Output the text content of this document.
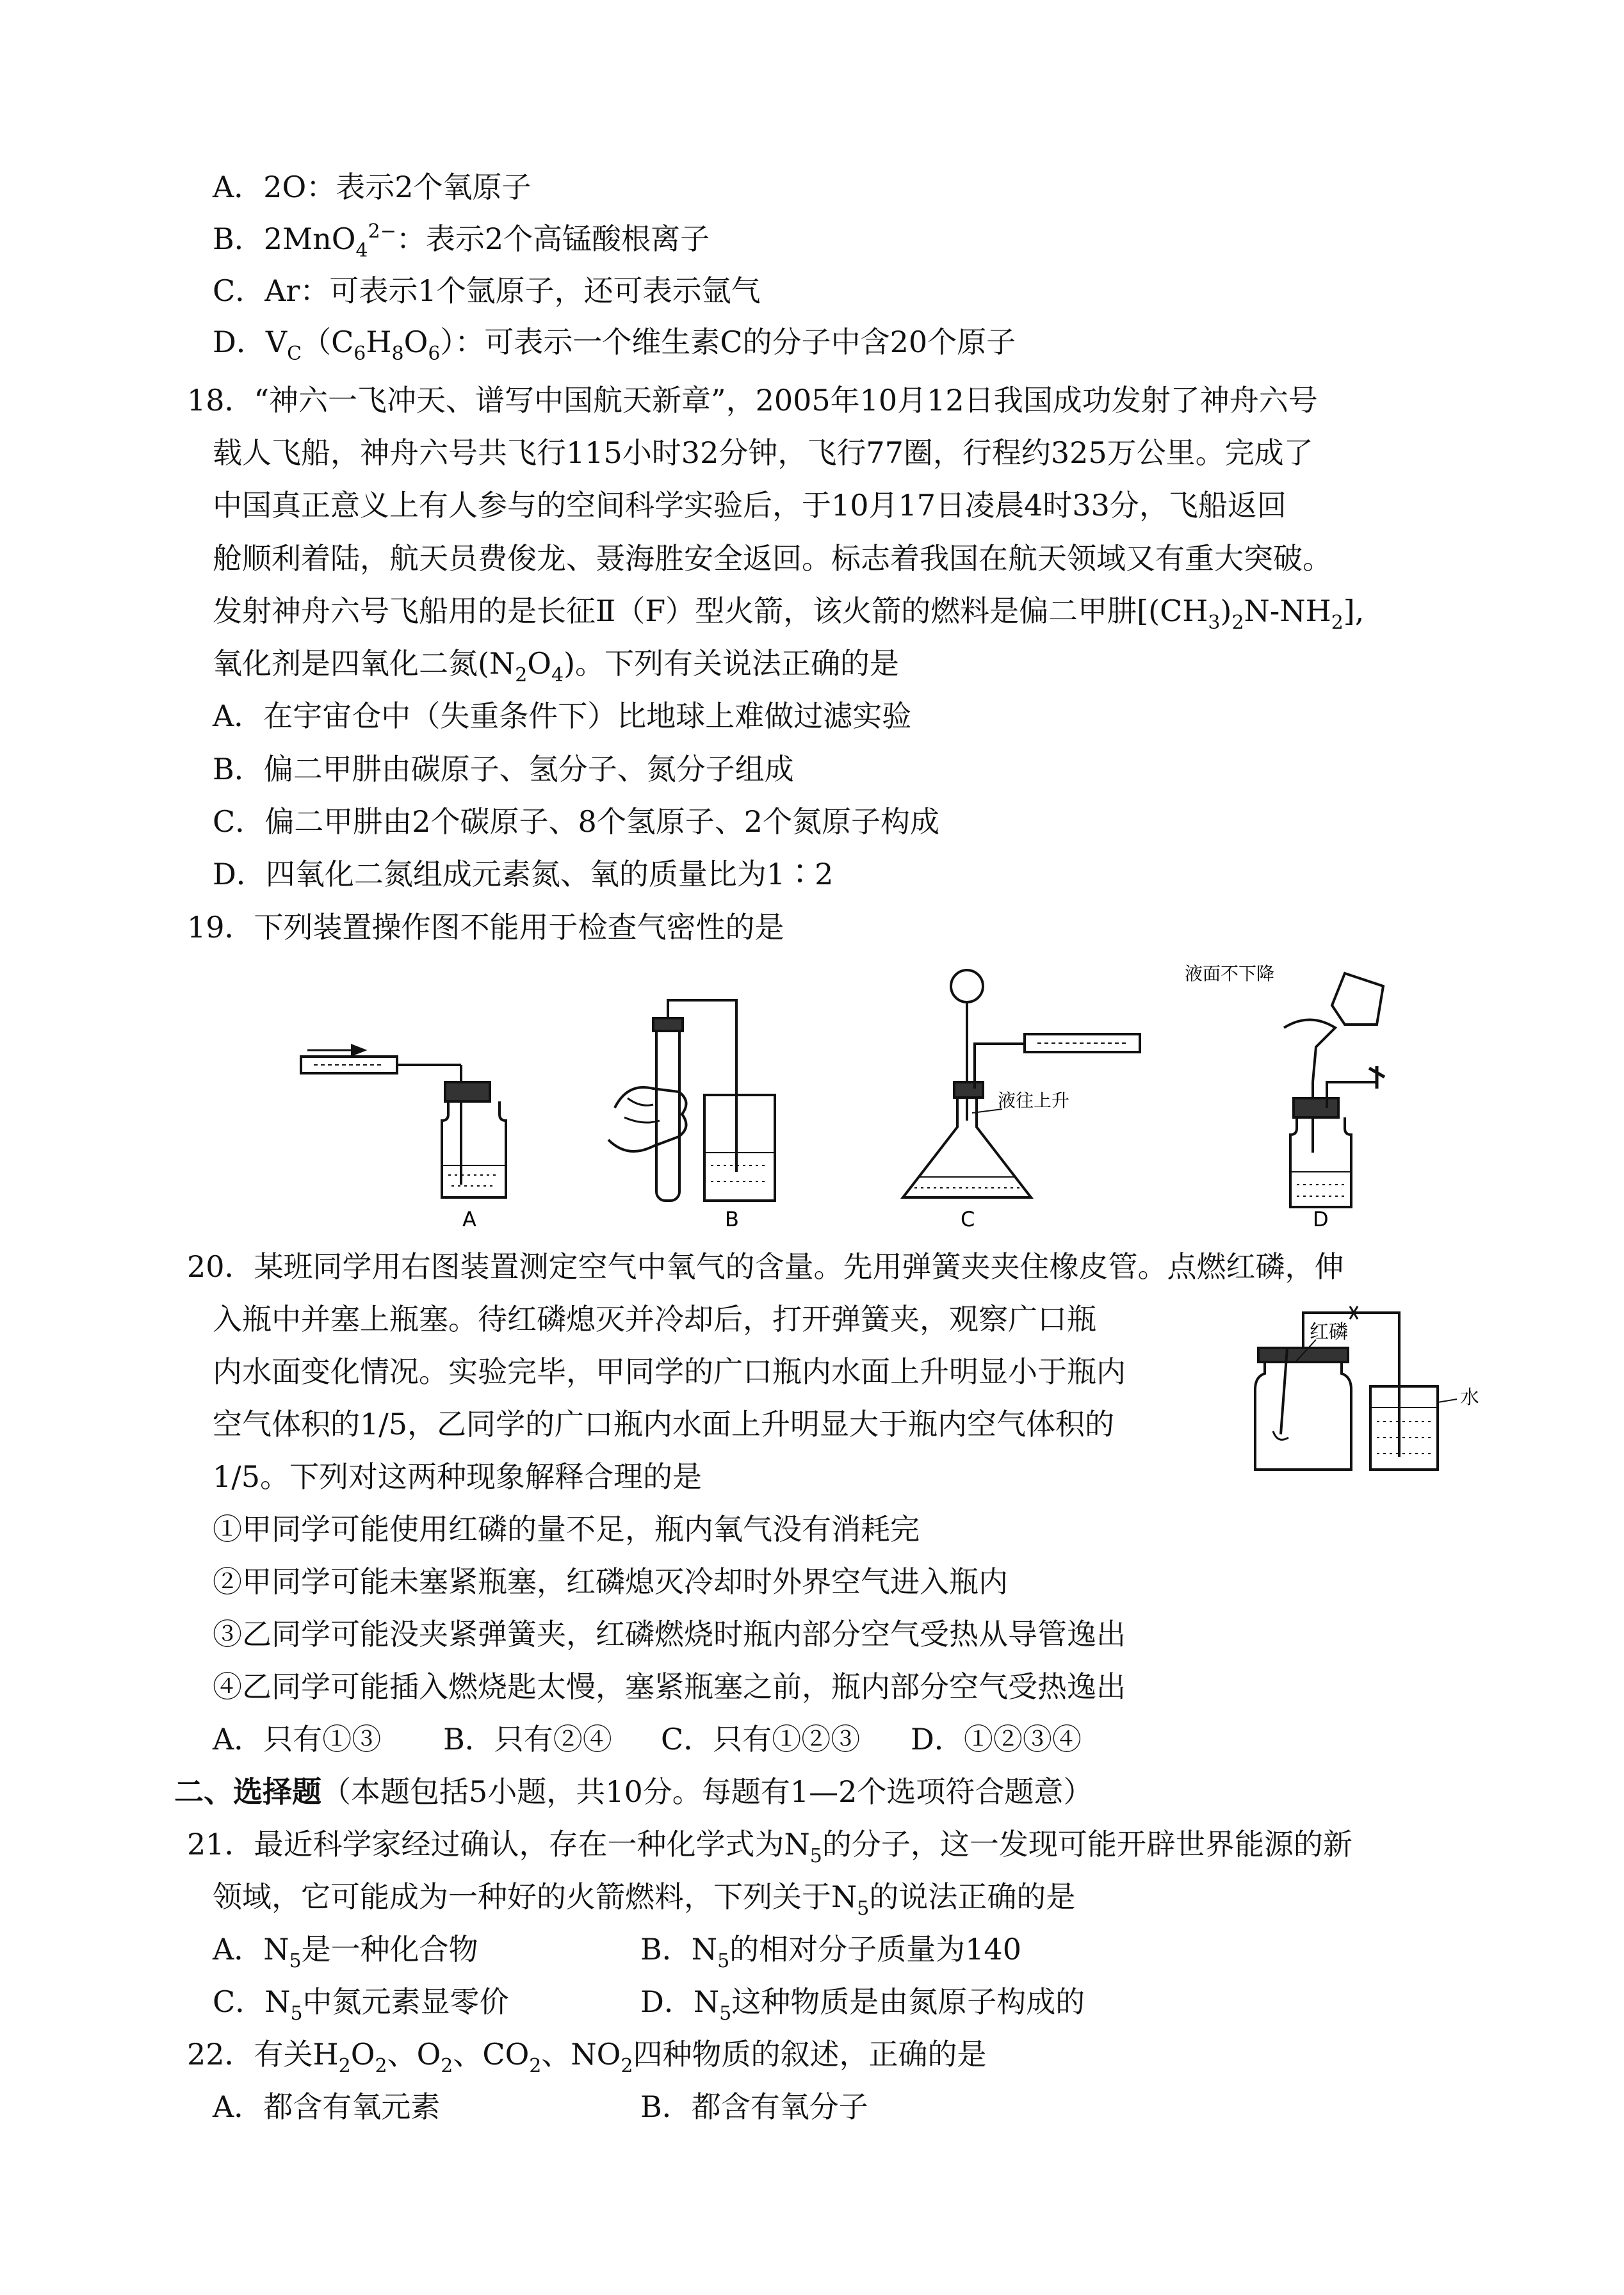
A．2O：表示2个氧原子
B．2MnO$_4^{2-}$：表示2个高锰酸根离子
C．Ar：可表示1个氩原子，还可表示氩气
D．$V_C(C_6H_8O_6)$：可表示一个维生素C的分子中含20个原子
18．“神六一飞冲天、谱写中国航天新章”，2005年10月12日我国成功发射了神舟六号
载人飞船，神舟六号共飞行115小时32分钟，飞行77圈，行程约325万公里。完成了
中国真正意义上有人参与的空间科学实验后，于10月17日凌晨4时33分，飞船返回
舱顺利着陆，航天员费俊龙、聂海胜安全返回。标志着我国在航天领域又有重大突破。
发射神舟六号飞船用的是长征Ⅱ（F）型火箭，该火箭的燃料是偏二甲肼$[(CH_3)_2N-NH_2]$,
氧化剂是四氧化二氮$(N_2O_4)$。下列有关说法正确的是
A．在宇宙仓中（失重条件下）比地球上难做过滤实验
B．偏二甲肼由碳原子、氢分子、氮分子组成
C．偏二甲肼由2个碳原子、8个氢原子、2个氮原子构成
D．四氧化二氮组成元素氮、氧的质量比为1∶2
19．下列装置操作图不能用于检查气密性的是
液往上升
液面不下降
A	B	C	D
20．某班同学用右图装置测定空气中氧气的含量。先用弹簧夹夹住橡皮管。点燃红磷，伸
入瓶中并塞上瓶塞。待红磷熄灭并冷却后，打开弹簧夹，观察广口瓶
内水面变化情况。实验完毕，甲同学的广口瓶内水面上升明显小于瓶内
空气体积的1/5，乙同学的广口瓶内水面上升明显大于瓶内空气体积的
1/5。下列对这两种现象解释合理的是
①甲同学可能使用红磷的量不足，瓶内氧气没有消耗完
②甲同学可能未塞紧瓶塞，红磷熄灭冷却时外界空气进入瓶内
③乙同学可能没夹紧弹簧夹，红磷燃烧时瓶内部分空气受热从导管逸出
④乙同学可能插入燃烧匙太慢，塞紧瓶塞之前，瓶内部分空气受热逸出
A．只有①③ B．只有②④ C．只有①②③ D．①②③④
红磷
水
二、选择题（本题包括5小题，共10分。每题有1—2个选项符合题意）
21．最近科学家经过确认，存在一种化学式为$N_5$的分子，这一发现可能开辟世界能源的新
领域，它可能成为一种好的火箭燃料，下列关于$N_5$的说法正确的是
A．$N_5$是一种化合物	B．$N_5$的相对分子质量为140
C．$N_5$中氮元素显零价	D．$N_5$这种物质是由氮原子构成的
22．有关$H_2O_2$、$O_2$、$CO_2$、$NO_2$四种物质的叙述，正确的是
A．都含有氧元素	B．都含有氧分子
